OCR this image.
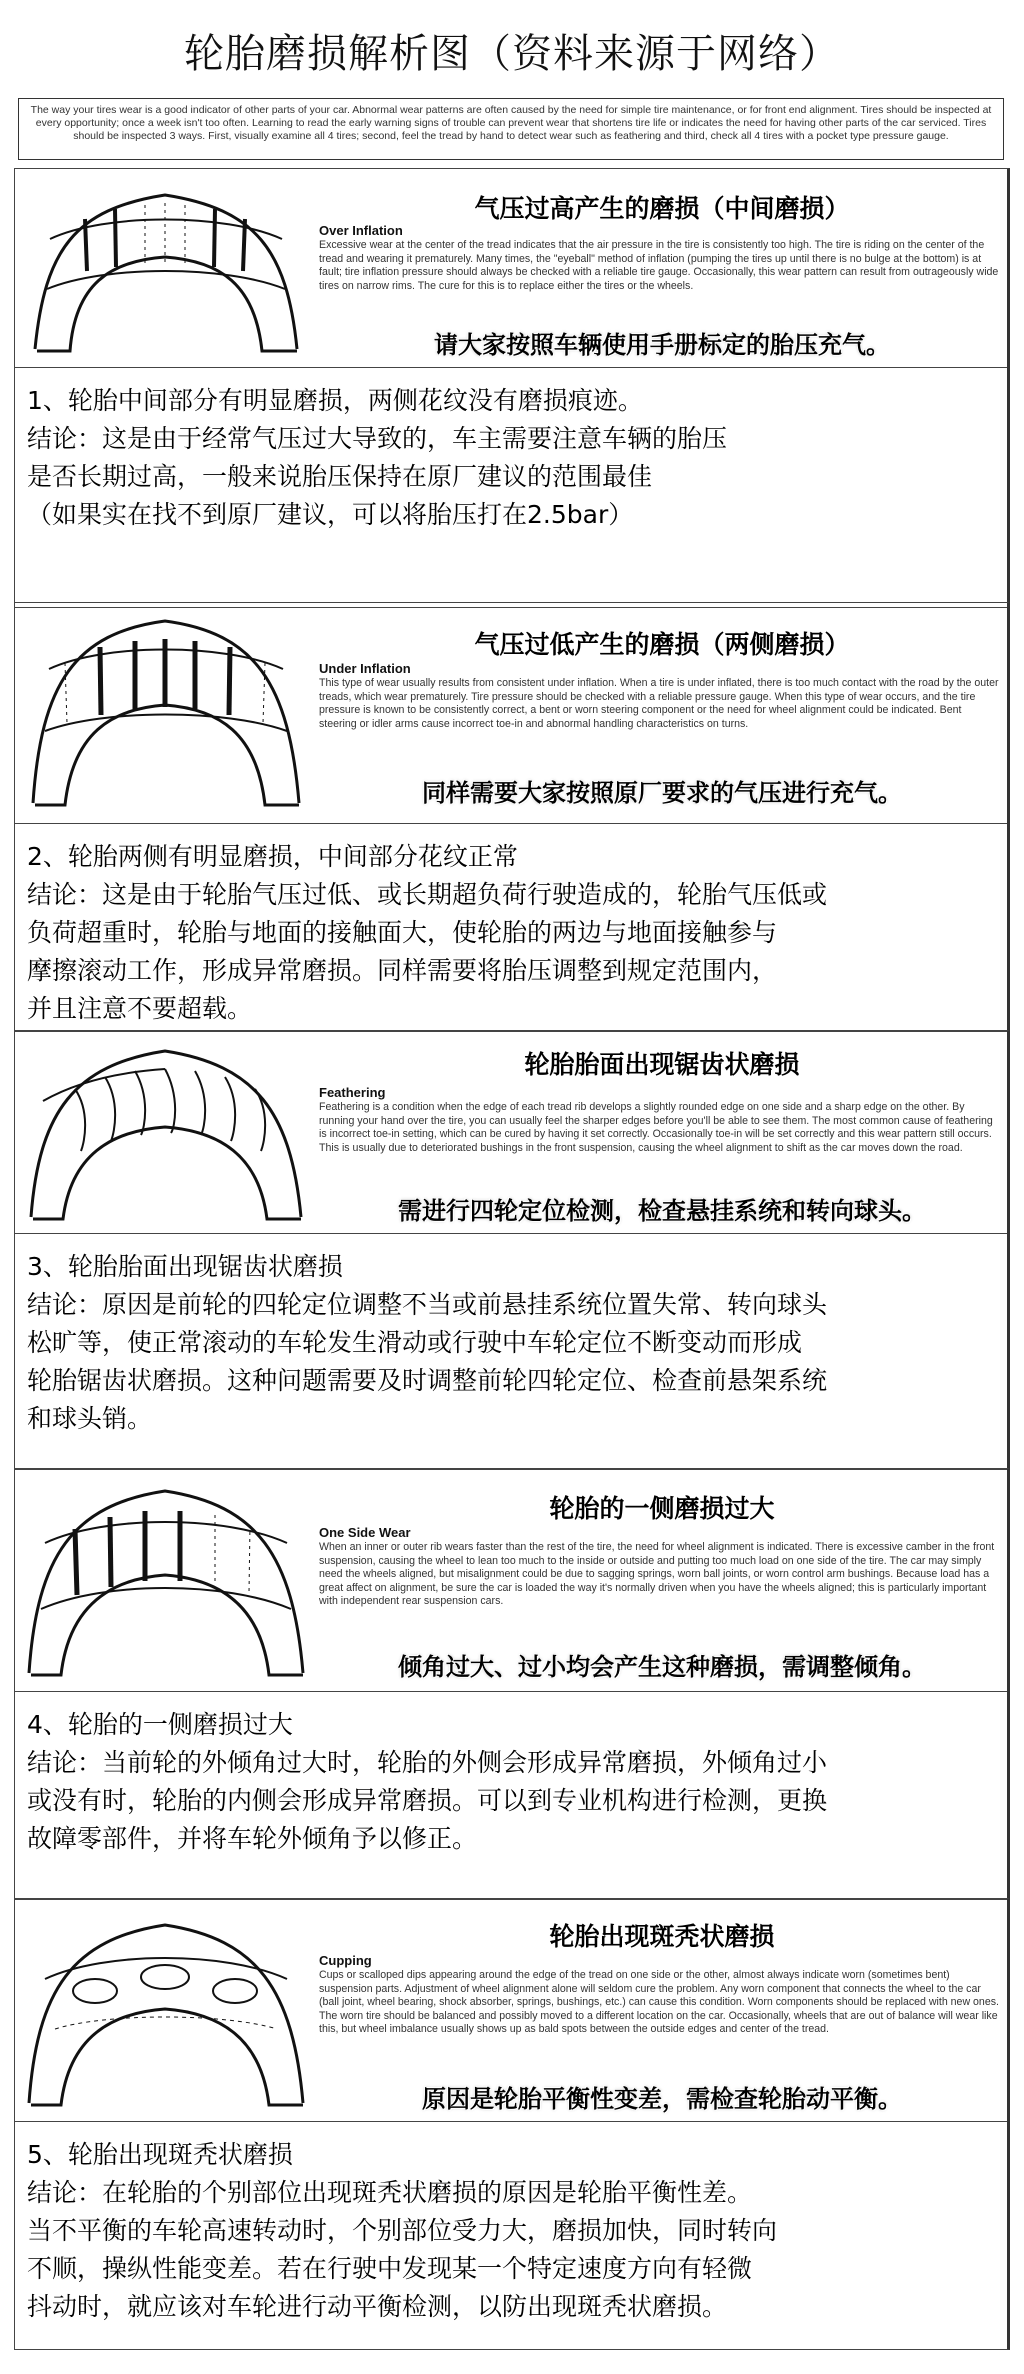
轮胎磨损解析图（资料来源于网络）
The way your tires wear is a good indicator of other parts of your car. Abnormal wear patterns are often caused by the need for simple tire maintenance, or for front end alignment. Tires should be inspected at every opportunity; once a week isn't too often. Learning to read the early warning signs of trouble can prevent wear that shortens tire life or indicates the need for having other parts of the car serviced. Tires should be inspected 3 ways. First, visually examine all 4 tires; second, feel the tread by hand to detect wear such as feathering and third, check all 4 tires with a pocket type pressure gauge.
气压过高产生的磨损（中间磨损）
Over Inflation
Excessive wear at the center of the tread indicates that the air pressure in the tire is consistently too high. The tire is riding on the center of the tread and wearing it prematurely. Many times, the "eyeball" method of inflation (pumping the tires up until there is no bulge at the bottom) is at fault; tire inflation pressure should always be checked with a reliable tire gauge. Occasionally, this wear pattern can result from outrageously wide tires on narrow rims. The cure for this is to replace either the tires or the wheels.
请大家按照车辆使用手册标定的胎压充气。

1、轮胎中间部分有明显磨损，两侧花纹没有磨损痕迹。

结论：这是由于经常气压过大导致的，车主需要注意车辆的胎压

是否长期过高，一般来说胎压保持在原厂建议的范围最佳

（如果实在找不到原厂建议，可以将胎压打在2.5bar）

气压过低产生的磨损（两侧磨损）
Under Inflation
This type of wear usually results from consistent under inflation. When a tire is under inflated, there is too much contact with the road by the outer treads, which wear prematurely. Tire pressure should be checked with a reliable pressure gauge. When this type of wear occurs, and the tire pressure is known to be consistently correct, a bent or worn steering component or the need for wheel alignment could be indicated. Bent steering or idler arms cause incorrect toe-in and abnormal handling characteristics on turns.
同样需要大家按照原厂要求的气压进行充气。

2、轮胎两侧有明显磨损，中间部分花纹正常

结论：这是由于轮胎气压过低、或长期超负荷行驶造成的，轮胎气压低或

负荷超重时，轮胎与地面的接触面大，使轮胎的两边与地面接触参与

摩擦滚动工作，形成异常磨损。同样需要将胎压调整到规定范围内，

并且注意不要超载。

轮胎胎面出现锯齿状磨损
Feathering
Feathering is a condition when the edge of each tread rib develops a slightly rounded edge on one side and a sharp edge on the other. By running your hand over the tire, you can usually feel the sharper edges before you'll be able to see them. The most common cause of feathering is incorrect toe-in setting, which can be cured by having it set correctly. Occasionally toe-in will be set correctly and this wear pattern still occurs. This is usually due to deteriorated bushings in the front suspension, causing the wheel alignment to shift as the car moves down the road.
需进行四轮定位检测，检查悬挂系统和转向球头。

3、轮胎胎面出现锯齿状磨损

结论：原因是前轮的四轮定位调整不当或前悬挂系统位置失常、转向球头

松旷等，使正常滚动的车轮发生滑动或行驶中车轮定位不断变动而形成

轮胎锯齿状磨损。这种问题需要及时调整前轮四轮定位、检查前悬架系统

和球头销。

轮胎的一侧磨损过大
One Side Wear
When an inner or outer rib wears faster than the rest of the tire, the need for wheel alignment is indicated. There is excessive camber in the front suspension, causing the wheel to lean too much to the inside or outside and putting too much load on one side of the tire. The car may simply need the wheels aligned, but misalignment could be due to sagging springs, worn ball joints, or worn control arm bushings. Because load has a great affect on alignment, be sure the car is loaded the way it's normally driven when you have the wheels aligned; this is particularly important with independent rear suspension cars.
倾角过大、过小均会产生这种磨损，需调整倾角。

4、轮胎的一侧磨损过大

结论：当前轮的外倾角过大时，轮胎的外侧会形成异常磨损，外倾角过小

或没有时，轮胎的内侧会形成异常磨损。可以到专业机构进行检测，更换

故障零部件，并将车轮外倾角予以修正。

轮胎出现斑秃状磨损
Cupping
Cups or scalloped dips appearing around the edge of the tread on one side or the other, almost always indicate worn (sometimes bent) suspension parts. Adjustment of wheel alignment alone will seldom cure the problem. Any worn component that connects the wheel to the car (ball joint, wheel bearing, shock absorber, springs, bushings, etc.) can cause this condition. Worn components should be replaced with new ones. The worn tire should be balanced and possibly moved to a different location on the car. Occasionally, wheels that are out of balance will wear like this, but wheel imbalance usually shows up as bald spots between the outside edges and center of the tread.
原因是轮胎平衡性变差，需检查轮胎动平衡。

5、轮胎出现斑秃状磨损

结论：在轮胎的个别部位出现斑秃状磨损的原因是轮胎平衡性差。

当不平衡的车轮高速转动时，个别部位受力大，磨损加快，同时转向

不顺，操纵性能变差。若在行驶中发现某一个特定速度方向有轻微

抖动时，就应该对车轮进行动平衡检测，以防出现斑秃状磨损。
